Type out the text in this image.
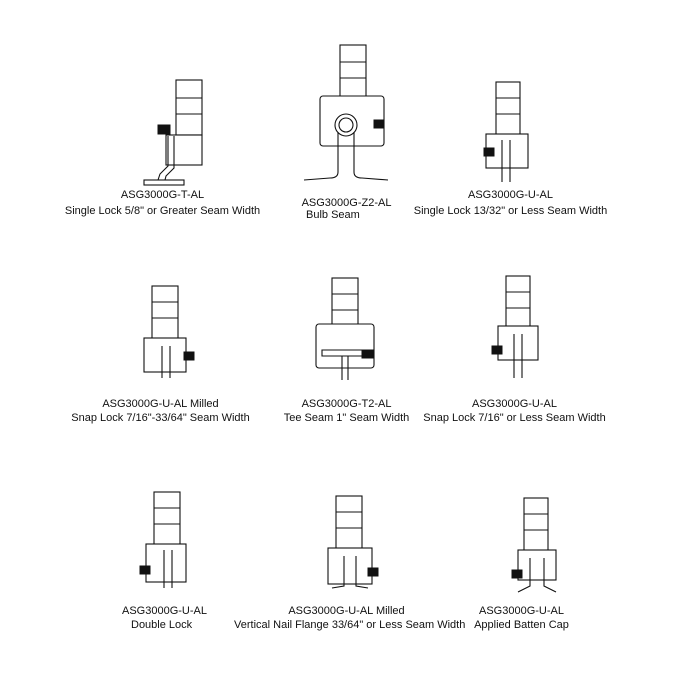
ASG3000G-T-AL
Single Lock 5/8" or Greater Seam Width
ASG3000G-Z2-AL
Bulb Seam
ASG3000G-U-AL
Single Lock 13/32" or Less Seam Width
ASG3000G-U-AL Milled
Snap Lock 7/16"-33/64" Seam Width
ASG3000G-T2-AL
Tee Seam 1" Seam Width
ASG3000G-U-AL
Snap Lock 7/16" or Less Seam Width
ASG3000G-U-AL
Double Lock
ASG3000G-U-AL Milled
Vertical Nail Flange 33/64" or Less Seam Width
ASG3000G-U-AL
Applied Batten Cap
